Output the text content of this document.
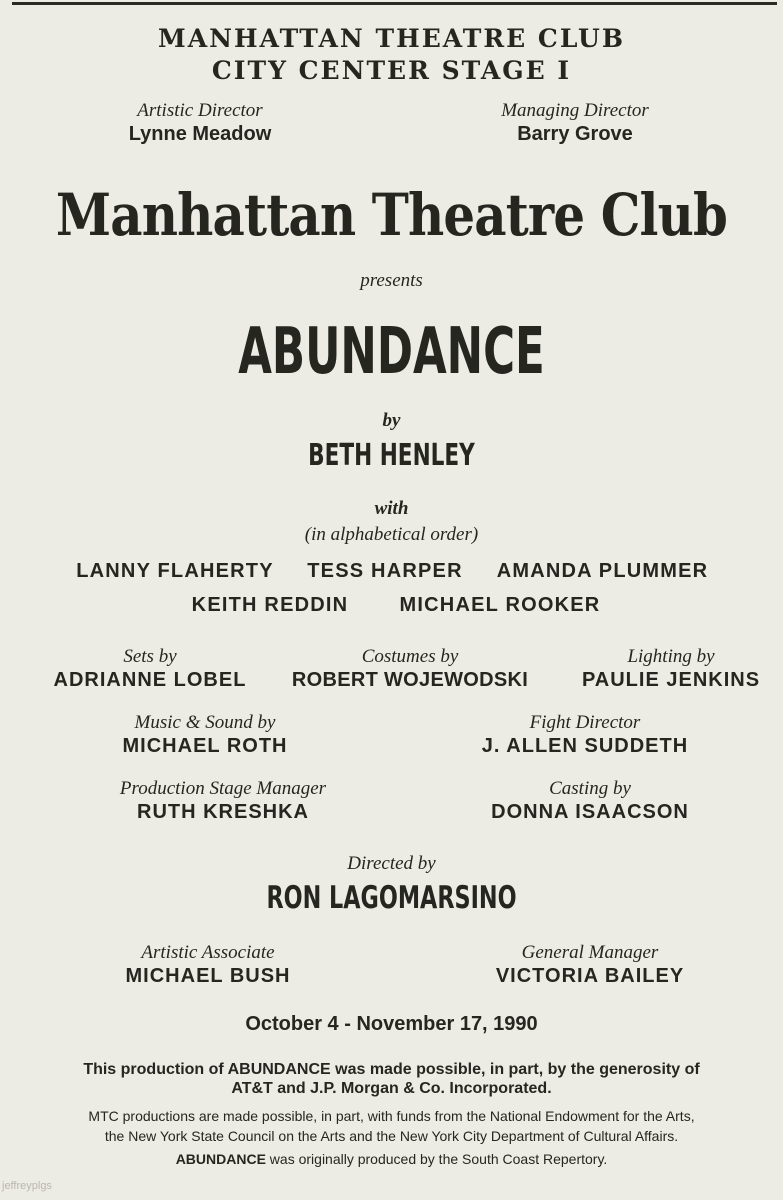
MANHATTAN THEATRE CLUB
CITY CENTER STAGE I
Artistic Director
Lynne Meadow
Managing Director
Barry Grove
Manhattan Theatre Club
presents
ABUNDANCE
by
BETH HENLEY
with
(in alphabetical order)
LANNY FLAHERTY	TESS HARPER	AMANDA PLUMMER
KEITH REDDIN	MICHAEL ROOKER
Sets by
ADRIANNE LOBEL
Costumes by
ROBERT WOJEWODSKI
Lighting by
PAULIE JENKINS
Music & Sound by
MICHAEL ROTH
Fight Director
J. ALLEN SUDDETH
Production Stage Manager
RUTH KRESHKA
Casting by
DONNA ISAACSON
Directed by
RON LAGOMARSINO
Artistic Associate
MICHAEL BUSH
General Manager
VICTORIA BAILEY
October 4 - November 17, 1990
This production of ABUNDANCE was made possible, in part, by the generosity of
AT&T and J.P. Morgan & Co. Incorporated.
MTC productions are made possible, in part, with funds from the National Endowment for the Arts,
the New York State Council on the Arts and the New York City Department of Cultural Affairs.
ABUNDANCE was originally produced by the South Coast Repertory.
jeffreyplgs
